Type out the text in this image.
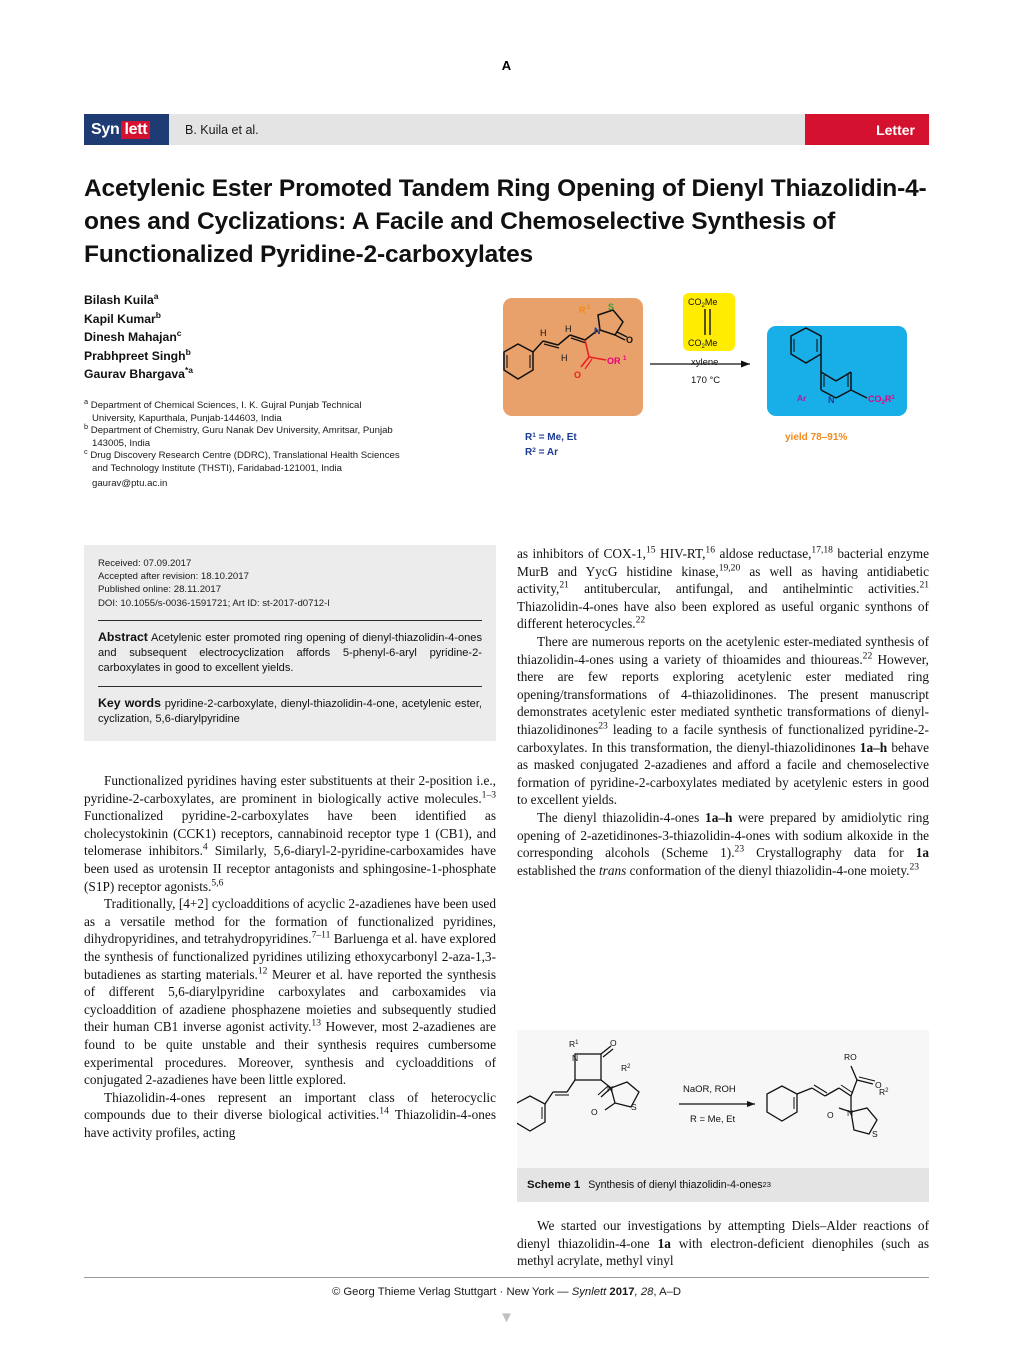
A
Syn lett	B. Kuila et al.	Letter
Acetylenic Ester Promoted Tandem Ring Opening of Dienyl Thiazolidin-4-ones and Cyclizations: A Facile and Chemoselective Synthesis of Functionalized Pyridine-2-carboxylates
Bilash Kuila$^a$
Kapil Kumar$^b$
Dinesh Mahajan$^c$
Prabhpreet Singh$^b$
Gaurav Bhargava$^{*a}$
$^a$ Department of Chemical Sciences, I. K. Gujral Punjab Technical University, Kapurthala, Punjab-144603, India
$^b$ Department of Chemistry, Guru Nanak Dev University, Amritsar, Punjab 143005, India
$^c$ Drug Discovery Research Centre (DDRC), Translational Health Sciences and Technology Institute (THSTI), Faridabad-121001, India
gaurav@ptu.ac.in
O
OR 1
O
N
S
R 2
H
H
H
$CO_2Me$
$CO_2Me$
xylene
170 °C
N
Ar	$CO_2R^1$
$R^1 = Me$, Et
$R^2 = Ar$
yield 78–91%
Received: 07.09.2017
Accepted after revision: 18.10.2017
Published online: 28.11.2017
DOI: 10.1055/s-0036-1591721; Art ID: st-2017-d0712-l
Abstract Acetylenic ester promoted ring opening of dienyl-thiazolidin-4-ones and subsequent electrocyclization affords 5-phenyl-6-aryl pyridine-2-carboxylates in good to excellent yields.
Key words pyridine-2-carboxylate, dienyl-thiazolidin-4-one, acetylenic ester, cyclization, 5,6-diarylpyridine

Functionalized pyridines having ester substituents at their 2-position i.e., pyridine-2-carboxylates, are prominent in biologically active molecules.$^{1-3}$ Functionalized pyridine-2-carboxylates have been identified as cholecystokinin (CCK1) receptors, cannabinoid receptor type 1 (CB1), and telomerase inhibitors.$^4$ Similarly, 5,6-diaryl-2-pyridine-carboxamides have been used as urotensin II receptor antagonists and sphingosine-1-phosphate (S1P) receptor agonists.$^{5,6}$

Traditionally, [4+2] cycloadditions of acyclic 2-azadienes have been used as a versatile method for the formation of functionalized pyridines, dihydropyridines, and tetrahydropyridines.$^{7-11}$ Barluenga et al. have explored the synthesis of functionalized pyridines utilizing ethoxycarbonyl 2-aza-1,3-butadienes as starting materials.$^{12}$ Meurer et al. have reported the synthesis of different 5,6-diarylpyridine carboxylates and carboxamides via cycloaddition of azadiene phosphazene moieties and subsequently studied their human CB1 inverse agonist activity.$^{13}$ However, most 2-azadienes are found to be quite unstable and their synthesis requires cumbersome experimental procedures. Moreover, synthesis and cycloadditions of conjugated 2-azadienes have been little explored.

Thiazolidin-4-ones represent an important class of heterocyclic compounds due to their diverse biological activities.$^{14}$ Thiazolidin-4-ones have activity profiles, acting

as inhibitors of COX-1,15 HIV-RT,$^{16}$ aldose reductase,$^{17,18}$ bacterial enzyme MurB and YycG histidine kinase,$^{19,20}$ as well as having antidiabetic activity,$^{21}$ antitubercular, antifungal, and antihelmintic activities.$^{21}$ Thiazolidin-4-ones have also been explored as useful organic synthons of different heterocycles.$^{22}$

There are numerous reports on the acetylenic ester-mediated synthesis of thiazolidin-4-ones using a variety of thioamides and thioureas.$^{22}$ However, there are few reports exploring acetylenic ester mediated ring opening/transformations of 4-thiazolidinones. The present manuscript demonstrates acetylenic ester mediated synthetic transformations of dienyl-thiazolidinones$^{23}$ leading to a facile synthesis of functionalized pyridine-2-carboxylates. In this transformation, the dienyl-thiazolidinones 1a–h behave as masked conjugated 2-azadienes and afford a facile and chemoselective formation of pyridine-2-carboxylates mediated by acetylenic esters in good to excellent yields.

The dienyl thiazolidin-4-ones 1a–h were prepared by amidiolytic ring opening of 2-azetidinones-3-thiazolidin-4-ones with sodium alkoxide in the corresponding alcohols (Scheme 1).$^{23}$ Crystallography data for 1a established the trans conformation of the dienyl thiazolidin-4-one moiety.$^{23}$

$R^1$
N
O
$R^2$
N
S
O
NaOR, ROH
R = Me, Et
RO
O
N
$R^2$
S
O
Scheme 1 Synthesis of dienyl thiazolidin-4-ones 23

We started our investigations by attempting Diels–Alder reactions of dienyl thiazolidin-4-one 1a with electron-deficient dienophiles (such as methyl acrylate, methyl vinyl

© Georg Thieme Verlag Stuttgart · New York — Synlett 2017, 28, A–D
▼
